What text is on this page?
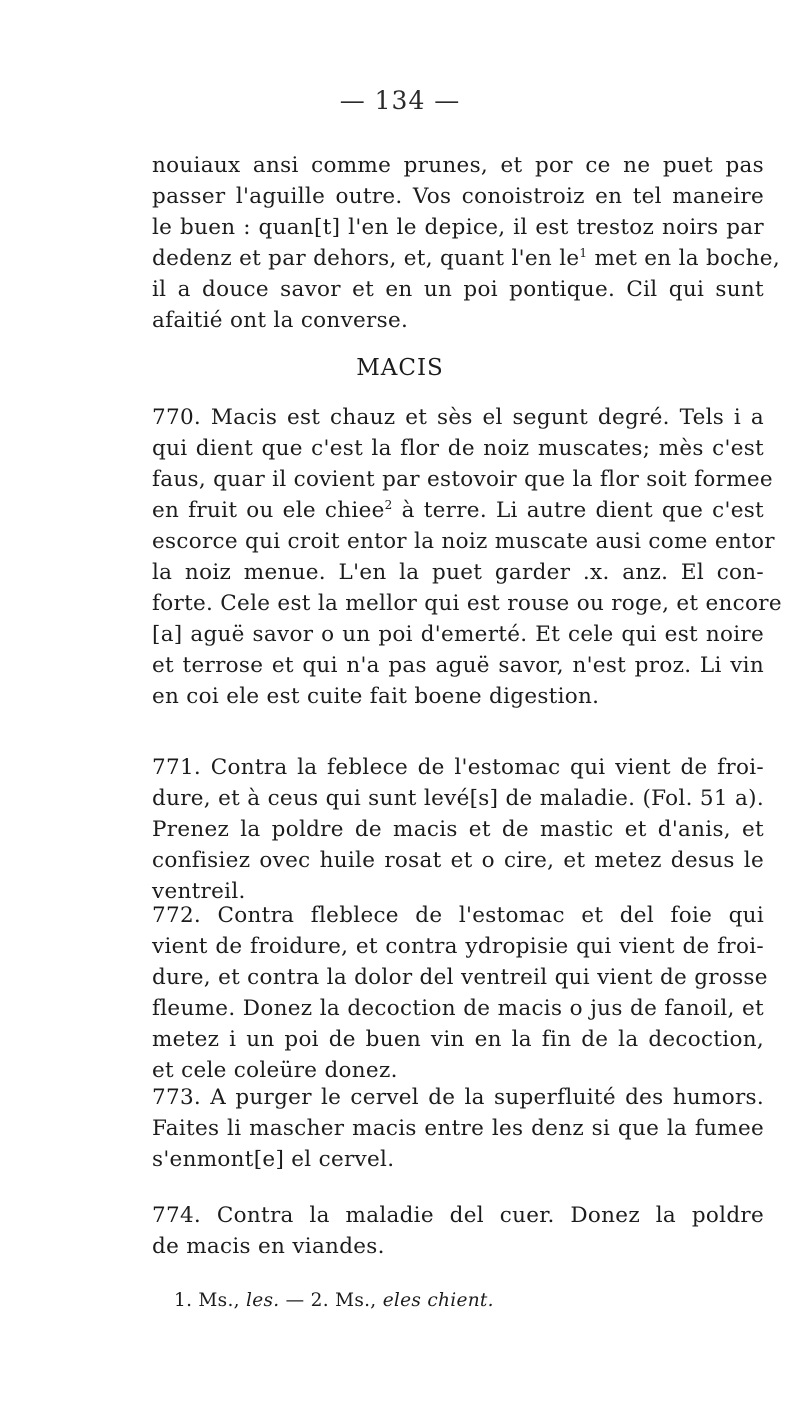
— 134 —
nouiaux ansi comme prunes, et por ce ne puet pas
passer l'aguille outre. Vos conoistroiz en tel maneire
le buen : quan[t] l'en le depice, il est trestoz noirs par
dedenz et par dehors, et, quant l'en $le^1$ met en la boche,
il a douce savor et en un poi pontique. Cil qui sunt
afaitié ont la converse.
MACIS
770. Macis est chauz et sès el segunt degré. Tels i a
qui dient que c'est la flor de noiz muscates; mès c'est
faus, quar il covient par estovoir que la flor soit formee
en fruit ou ele chiee$^2$ à terre. Li autre dient que c'est
escorce qui croit entor la noiz muscate ausi come entor
la noiz menue. L'en la puet garder .x. anz. El con-
forte. Cele est la mellor qui est rouse ou roge, et encore
[a] aguë savor o un poi d'emerté. Et cele qui est noire
et terrose et qui n'a pas aguë savor, n'est proz. Li vin
en coi ele est cuite fait boene digestion.
771. Contra la feblece de l'estomac qui vient de froi-
dure, et à ceus qui sunt levé[s] de maladie. (Fol. 51 a).
Prenez la poldre de macis et de mastic et d'anis, et
confisiez ovec huile rosat et o cire, et metez desus le
ventreil.
772. Contra fleblece de l'estomac et del foie qui
vient de froidure, et contra ydropisie qui vient de froi-
dure, et contra la dolor del ventreil qui vient de grosse
fleume. Donez la decoction de macis o jus de fanoil, et
metez i un poi de buen vin en la fin de la decoction,
et cele coleüre donez.
773. A purger le cervel de la superfluité des humors.
Faites li mascher macis entre les denz si que la fumee
s'enmont[e] el cervel.
774. Contra la maladie del cuer. Donez la poldre
de macis en viandes.
1. Ms., les. — 2. Ms., eles chient.
